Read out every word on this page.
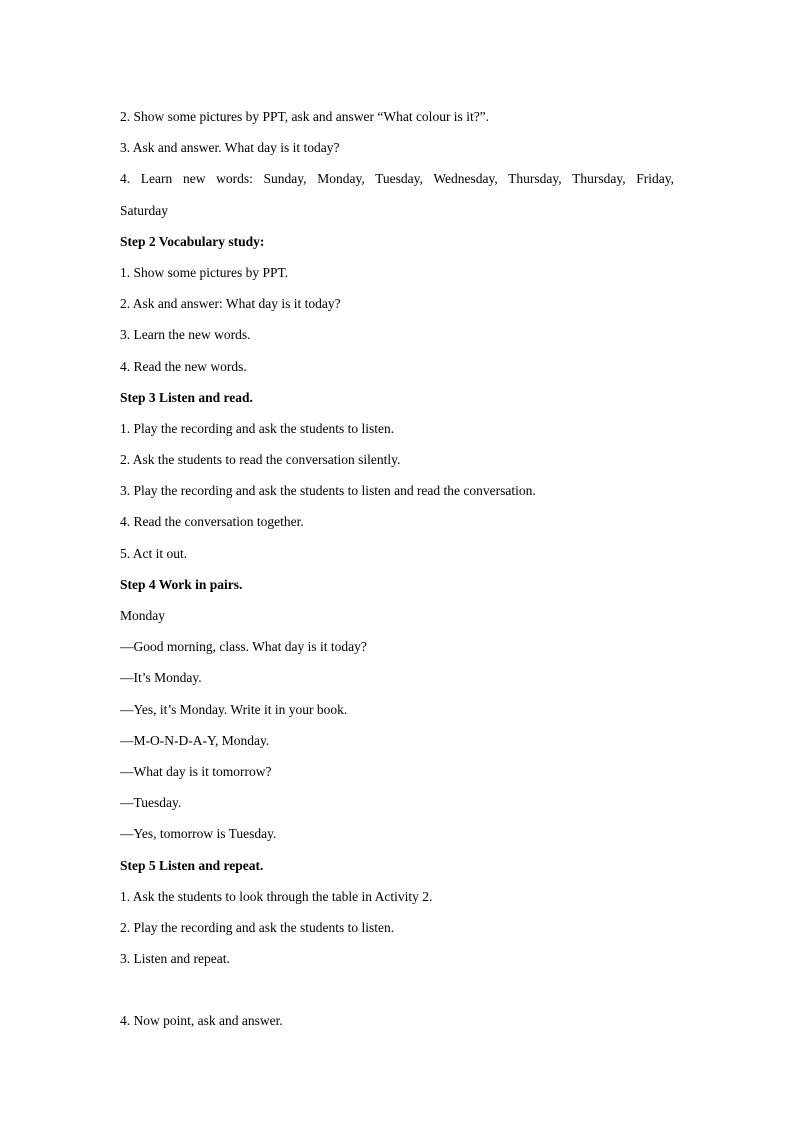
2. Show some pictures by PPT, ask and answer “What colour is it?”.
3. Ask and answer. What day is it today?
4. Learn new words: Sunday, Monday, Tuesday, Wednesday, Thursday, Thursday, Friday,
Saturday
Step 2 Vocabulary study:
1. Show some pictures by PPT.
2. Ask and answer: What day is it today?
3. Learn the new words.
4. Read the new words.
Step 3 Listen and read.
1. Play the recording and ask the students to listen.
2. Ask the students to read the conversation silently.
3. Play the recording and ask the students to listen and read the conversation.
4. Read the conversation together.
5. Act it out.
Step 4 Work in pairs.
Monday
—Good morning, class. What day is it today?
—It’s Monday.
—Yes, it’s Monday. Write it in your book.
—M-O-N-D-A-Y, Monday.
—What day is it tomorrow?
—Tuesday.
—Yes, tomorrow is Tuesday.
Step 5 Listen and repeat.
1. Ask the students to look through the table in Activity 2.
2. Play the recording and ask the students to listen.
3. Listen and repeat.
4. Now point, ask and answer.
